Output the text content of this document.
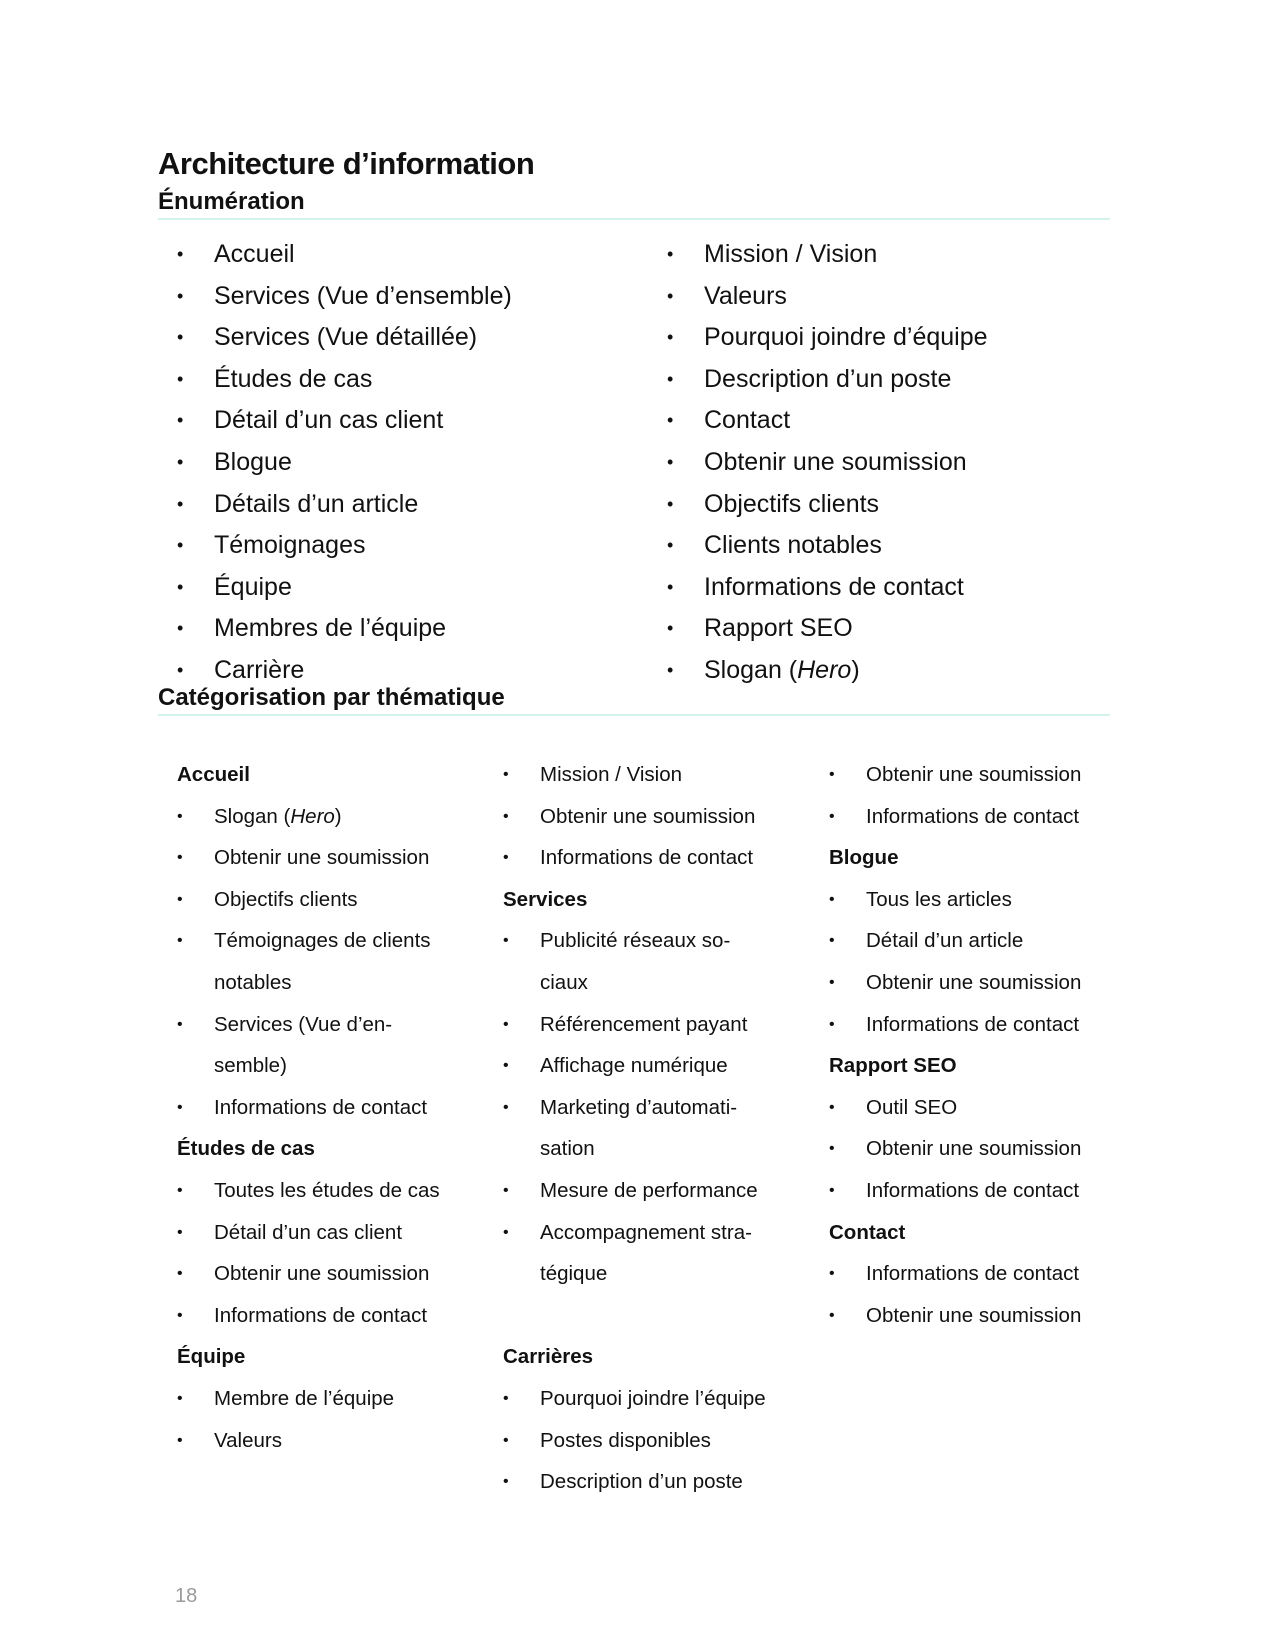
Architecture d’information
Énumération
• Accueil
• Services (Vue d’ensemble)
• Services (Vue détaillée)
• Études de cas
• Détail d’un cas client
• Blogue
• Détails d’un article
• Témoignages
• Équipe
• Membres de l’équipe
• Carrière
• Mission / Vision
• Valeurs
• Pourquoi joindre d’équipe
• Description d’un poste
• Contact
• Obtenir une soumission
• Objectifs clients
• Clients notables
• Informations de contact
• Rapport SEO
• Slogan (Hero)
Catégorisation par thématique
Accueil
• Slogan (Hero)
• Obtenir une soumission
• Objectifs clients
• Témoignages de clients
notables
• Services (Vue d’en-
semble)
• Informations de contact
Études de cas
• Toutes les études de cas
• Détail d’un cas client
• Obtenir une soumission
• Informations de contact
Équipe
• Membre de l’équipe
• Valeurs
• Mission / Vision
• Obtenir une soumission
• Informations de contact
Services
• Publicité réseaux so-
ciaux
• Référencement payant
• Affichage numérique
• Marketing d’automati-
sation
• Mesure de performance
• Accompagnement stra-
tégique
Carrières
• Pourquoi joindre l’équipe
• Postes disponibles
• Description d’un poste
• Obtenir une soumission
• Informations de contact
Blogue
• Tous les articles
• Détail d’un article
• Obtenir une soumission
• Informations de contact
Rapport SEO
• Outil SEO
• Obtenir une soumission
• Informations de contact
Contact
• Informations de contact
• Obtenir une soumission
18
